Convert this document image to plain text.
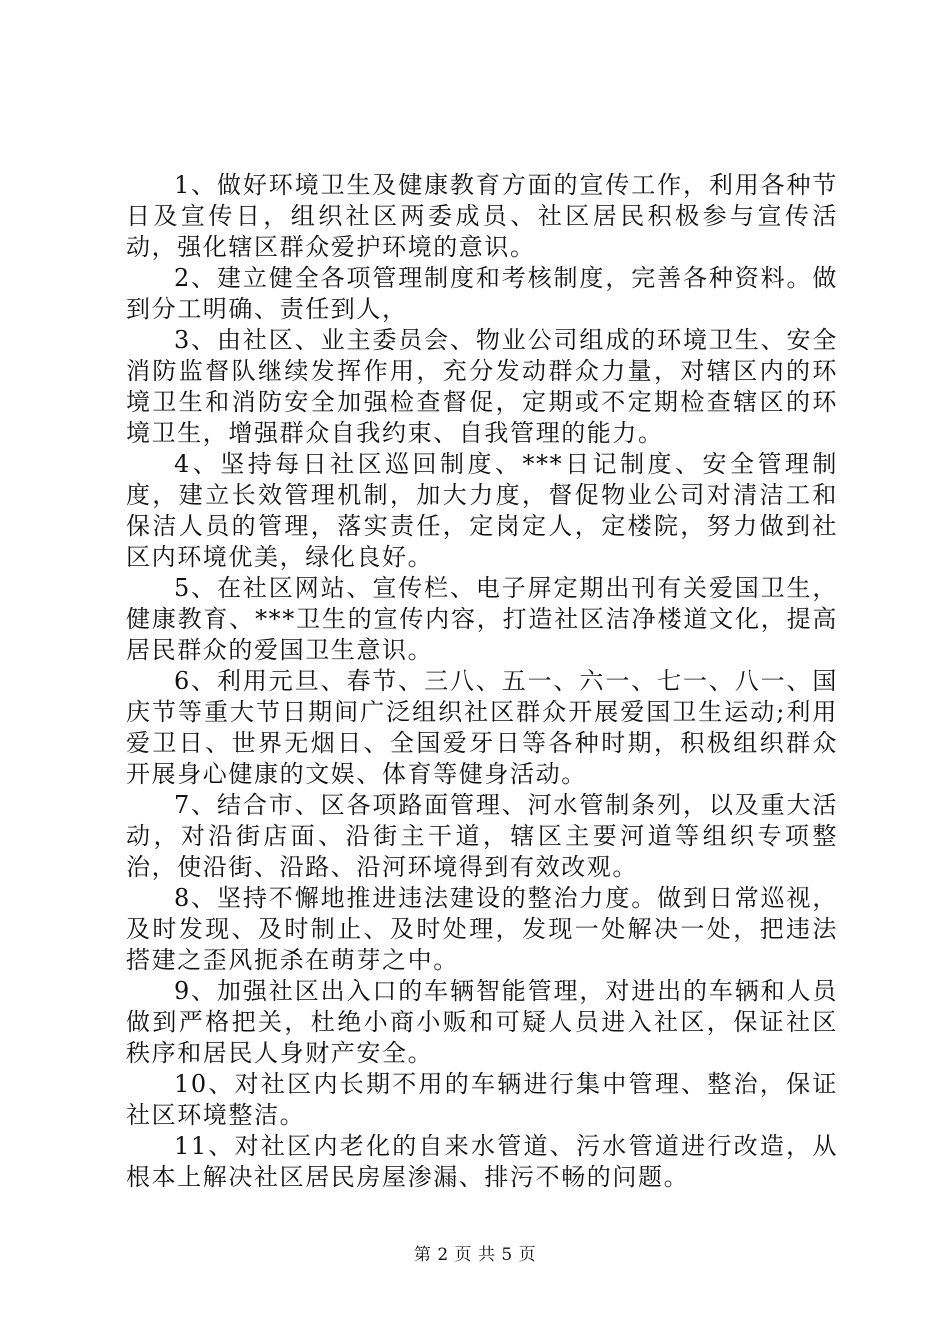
1、做好环境卫生及健康教育方面的宣传工作，利用各种节日及宣传日，组织社区两委成员、社区居民积极参与宣传活动，强化辖区群众爱护环境的意识。

2、建立健全各项管理制度和考核制度，完善各种资料。做到分工明确、责任到人，

3、由社区、业主委员会、物业公司组成的环境卫生、安全消防监督队继续发挥作用，充分发动群众力量，对辖区内的环境卫生和消防安全加强检查督促，定期或不定期检查辖区的环境卫生，增强群众自我约束、自我管理的能力。

4、坚持每日社区巡回制度、***日记制度、安全管理制度，建立长效管理机制，加大力度，督促物业公司对清洁工和保洁人员的管理，落实责任，定岗定人，定楼院，努力做到社区内环境优美，绿化良好。

5、在社区网站、宣传栏、电子屏定期出刊有关爱国卫生，健康教育、***卫生的宣传内容，打造社区洁净楼道文化，提高居民群众的爱国卫生意识。

6、利用元旦、春节、三八、五一、六一、七一、八一、国庆节等重大节日期间广泛组织社区群众开展爱国卫生运动;利用爱卫日、世界无烟日、全国爱牙日等各种时期，积极组织群众开展身心健康的文娱、体育等健身活动。

7、结合市、区各项路面管理、河水管制条列，以及重大活动，对沿街店面、沿街主干道，辖区主要河道等组织专项整治，使沿街、沿路、沿河环境得到有效改观。

8、坚持不懈地推进违法建设的整治力度。做到日常巡视，及时发现、及时制止、及时处理，发现一处解决一处，把违法搭建之歪风扼杀在萌芽之中。

9、加强社区出入口的车辆智能管理，对进出的车辆和人员做到严格把关，杜绝小商小贩和可疑人员进入社区，保证社区秩序和居民人身财产安全。

10、对社区内长期不用的车辆进行集中管理、整治，保证社区环境整洁。

11、对社区内老化的自来水管道、污水管道进行改造，从根本上解决社区居民房屋渗漏、排污不畅的问题。

第 2 页 共 5 页
